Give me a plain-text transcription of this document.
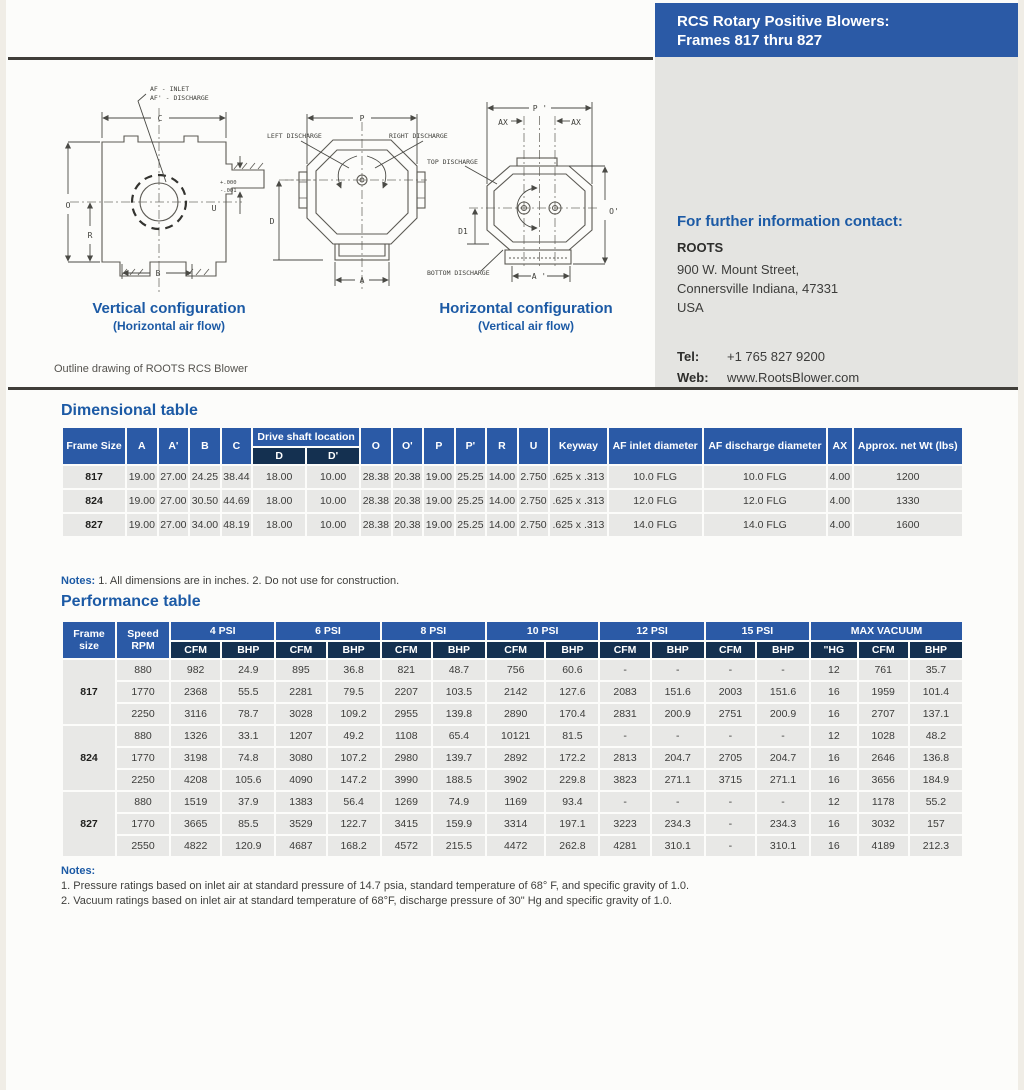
RCS Rotary Positive Blowers:
Frames 817 thru 827
For further information contact:
ROOTS
900 W. Mount Street,
Connersville Indiana, 47331
USA
Tel:	+1 765 827 9200
Web:	www.RootsBlower.com
AF - INLET
AF' - DISCHARGE
C
O
R
B
U
+.000
-.001
LEFT DISCHARGE	RIGHT DISCHARGE
P
D
A
P '
AX	AX
O'
D1
A '
TOP DISCHARGE
BOTTOM DISCHARGE
Vertical configuration
(Horizontal air flow)
Horizontal configuration
(Vertical air flow)
Outline drawing of ROOTS RCS Blower
Dimensional table
Frame Size	A	A'	B	C	Drive shaft location		O	O'	P	P'	R	U	Keyway	AF inlet diameter	AF discharge diameter	AX	Approx. net Wt (lbs)
					D	D'											
817	19.00	27.00	24.25	38.44	18.00	10.00	28.38	20.38	19.00	25.25	14.00	2.750	.625 x .313	10.0 FLG	10.0 FLG	4.00	1200
824	19.00	27.00	30.50	44.69	18.00	10.00	28.38	20.38	19.00	25.25	14.00	2.750	.625 x .313	12.0 FLG	12.0 FLG	4.00	1330
827	19.00	27.00	34.00	48.19	18.00	10.00	28.38	20.38	19.00	25.25	14.00	2.750	.625 x .313	14.0 FLG	14.0 FLG	4.00	1600

Notes: 1. All dimensions are in inches. 2. Do not use for construction.

Performance table
Frame size	Speed RPM	4 PSI		6 PSI		8 PSI		10 PSI		12 PSI		15 PSI		MAX VACUUM		
		CFM	BHP	CFM	BHP	CFM	BHP	CFM	BHP	CFM	BHP	CFM	BHP	"HG	CFM	BHP
817	880	982	24.9	895	36.8	821	48.7	756	60.6	-	-	-	-	12	761	35.7
	1770	2368	55.5	2281	79.5	2207	103.5	2142	127.6	2083	151.6	2003	151.6	16	1959	101.4
	2250	3116	78.7	3028	109.2	2955	139.8	2890	170.4	2831	200.9	2751	200.9	16	2707	137.1
824	880	1326	33.1	1207	49.2	1108	65.4	10121	81.5	-	-	-	-	12	1028	48.2
	1770	3198	74.8	3080	107.2	2980	139.7	2892	172.2	2813	204.7	2705	204.7	16	2646	136.8
	2250	4208	105.6	4090	147.2	3990	188.5	3902	229.8	3823	271.1	3715	271.1	16	3656	184.9
827	880	1519	37.9	1383	56.4	1269	74.9	1169	93.4	-	-	-	-	12	1178	55.2
	1770	3665	85.5	3529	122.7	3415	159.9	3314	197.1	3223	234.3	-	234.3	16	3032	157
	2550	4822	120.9	4687	168.2	4572	215.5	4472	262.8	4281	310.1	-	310.1	16	4189	212.3
Notes:
1. Pressure ratings based on inlet air at standard pressure of 14.7 psia, standard temperature of 68° F, and specific gravity of 1.0.
2. Vacuum ratings based on inlet air at standard temperature of 68°F, discharge pressure of 30" Hg and specific gravity of 1.0.
